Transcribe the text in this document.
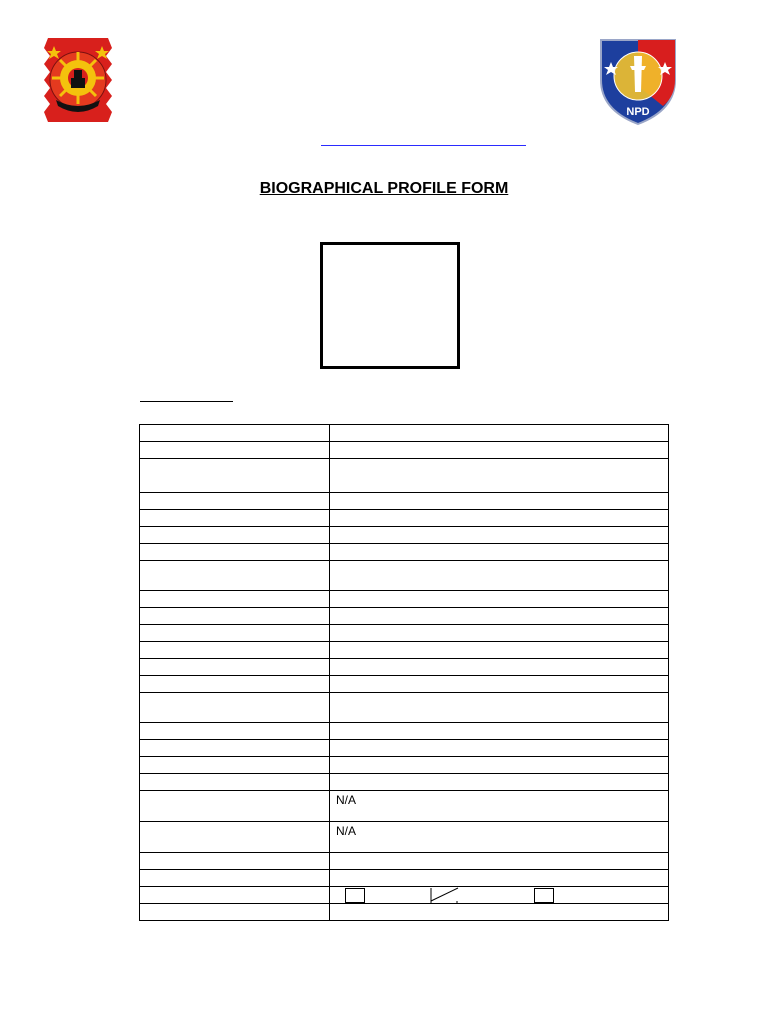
NPD
BIOGRAPHICAL PROFILE FORM

	N/A
	N/A
